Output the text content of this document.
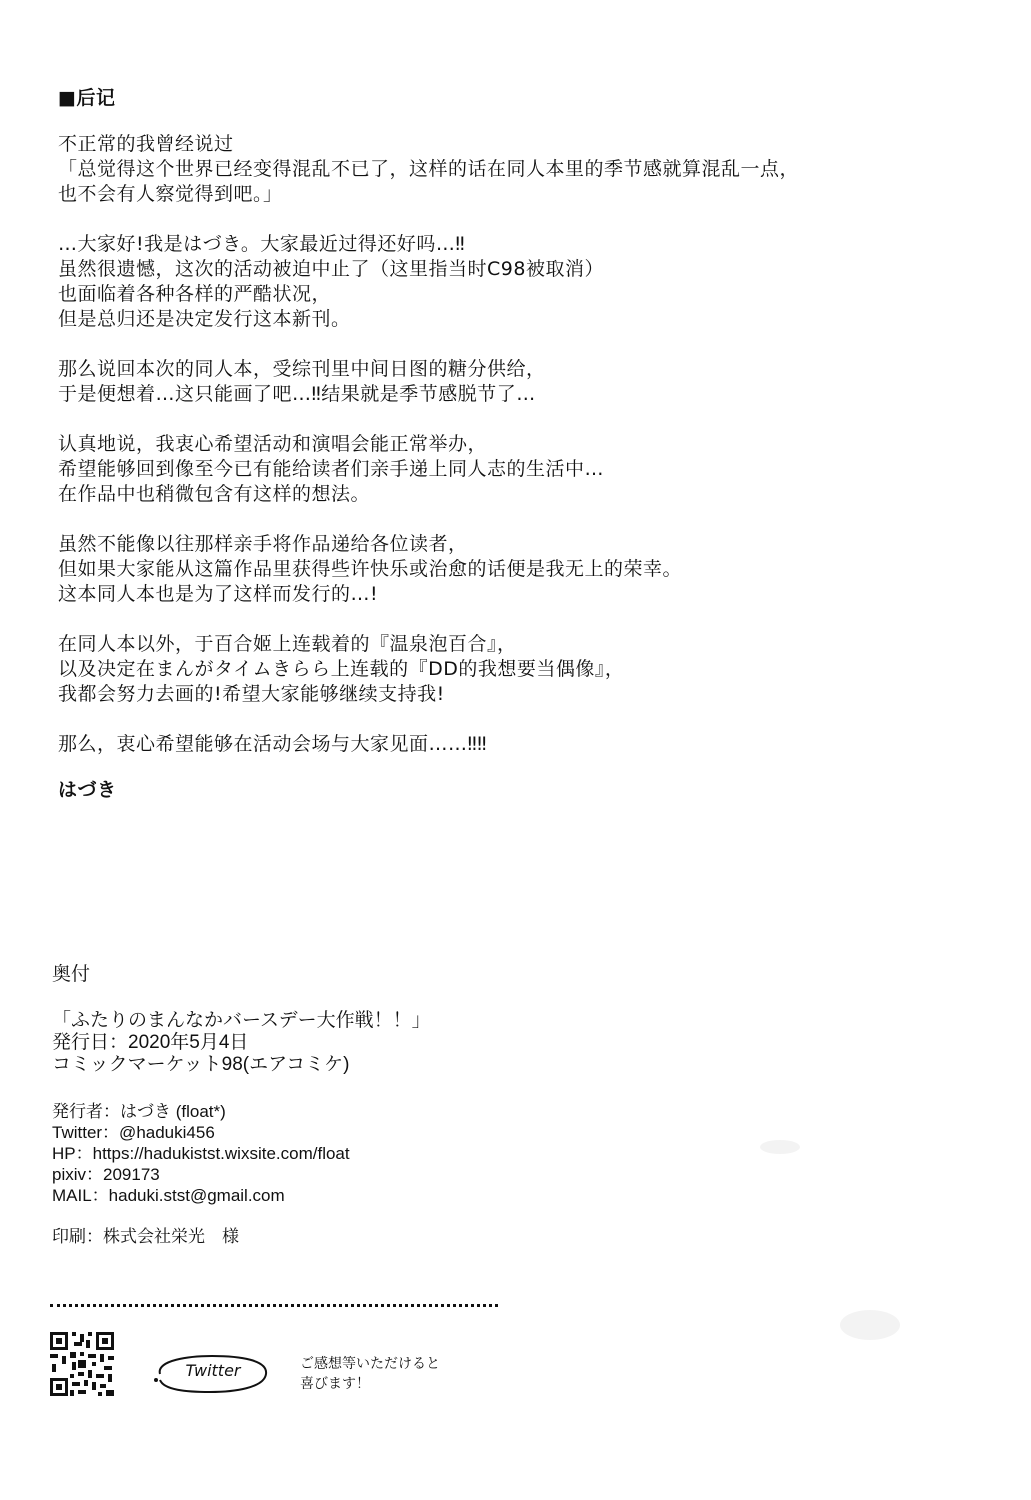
■后记
不正常的我曾经说过
「总觉得这个世界已经变得混乱不已了，这样的话在同人本里的季节感就算混乱一点，
也不会有人察觉得到吧。」
…大家好!我是はづき。大家最近过得还好吗…‼
虽然很遗憾，这次的活动被迫中止了（这里指当时C98被取消）
也面临着各种各样的严酷状况，
但是总归还是决定发行这本新刊。
那么说回本次的同人本，受综刊里中间日图的糖分供给，
于是便想着…这只能画了吧…‼结果就是季节感脱节了…
认真地说，我衷心希望活动和演唱会能正常举办，
希望能够回到像至今已有能给读者们亲手递上同人志的生活中…
在作品中也稍微包含有这样的想法。
虽然不能像以往那样亲手将作品递给各位读者，
但如果大家能从这篇作品里获得些许快乐或治愈的话便是我无上的荣幸。
这本同人本也是为了这样而发行的…!
在同人本以外，于百合姬上连载着的『温泉泡百合』，
以及决定在まんがタイムきらら上连载的『DD的我想要当偶像』，
我都会努力去画的!希望大家能够继续支持我!
那么，衷心希望能够在活动会场与大家见面……‼‼
はづき
奥付
「ふたりのまんなかバースデー大作戦！！」
発行日：2020年5月4日
コミックマーケット98(エアコミケ)
発行者：はづき (float*)
Twitter：@haduki456
HP：https://hadukistst.wixsite.com/float
pixiv：209173
MAIL：haduki.stst@gmail.com
印刷：株式会社栄光　様
Twitter	ご感想等いただけると
喜びます！
